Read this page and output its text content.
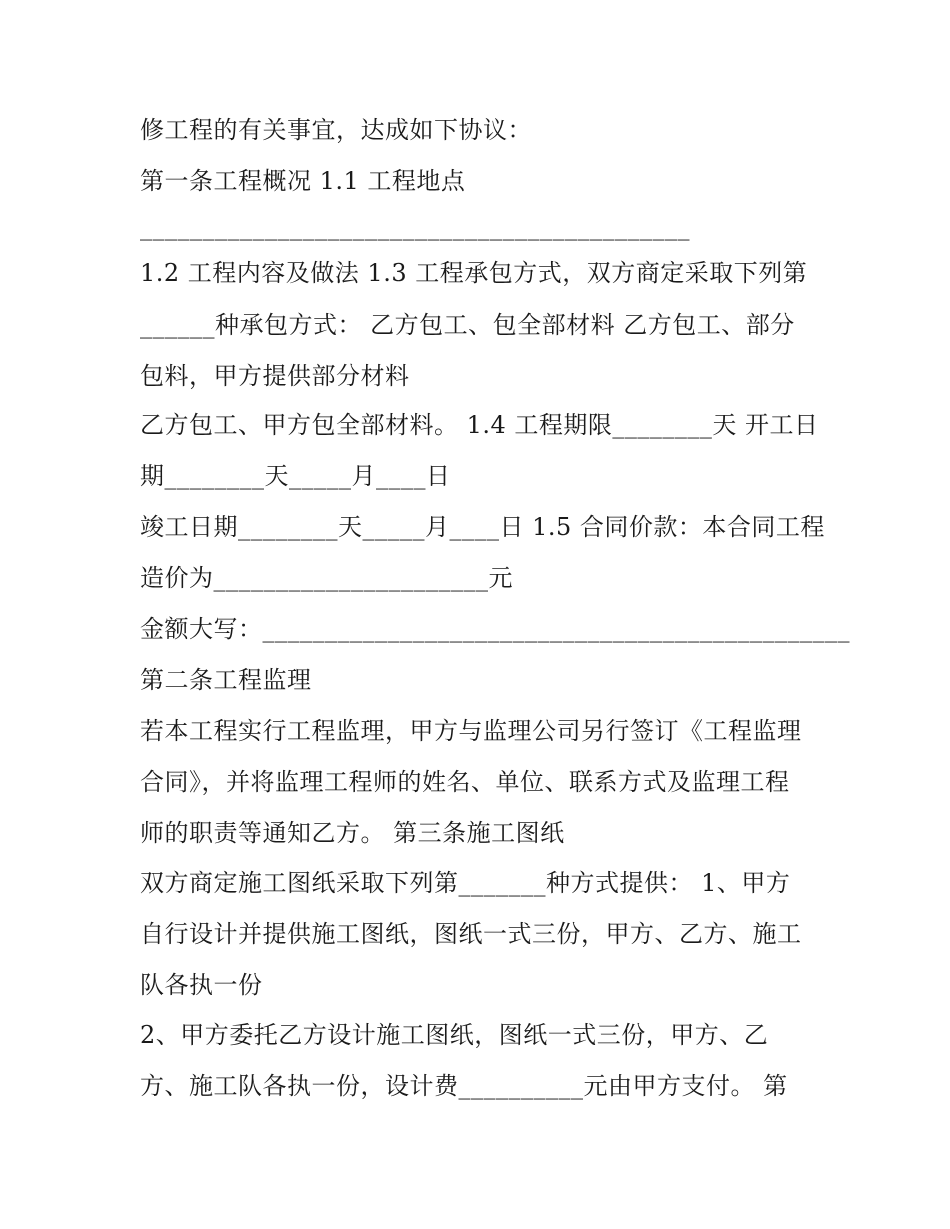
修工程的有关事宜，达成如下协议：
第一条工程概况 1.1 工程地点
____________________________________________
1.2 工程内容及做法 1.3 工程承包方式，双方商定采取下列第
______种承包方式： 乙方包工、包全部材料 乙方包工、部分
包料，甲方提供部分材料
乙方包工、甲方包全部材料。 1.4 工程期限________天 开工日
期________天_____月____日
竣工日期________天_____月____日 1.5 合同价款：本合同工程
造价为______________________元
金额大写：_______________________________________________
第二条工程监理
若本工程实行工程监理，甲方与监理公司另行签订《工程监理
合同》，并将监理工程师的姓名、单位、联系方式及监理工程
师的职责等通知乙方。 第三条施工图纸
双方商定施工图纸采取下列第_______种方式提供： 1、甲方
自行设计并提供施工图纸，图纸一式三份，甲方、乙方、施工
队各执一份
2、甲方委托乙方设计施工图纸，图纸一式三份，甲方、乙
方、施工队各执一份，设计费__________元由甲方支付。 第
